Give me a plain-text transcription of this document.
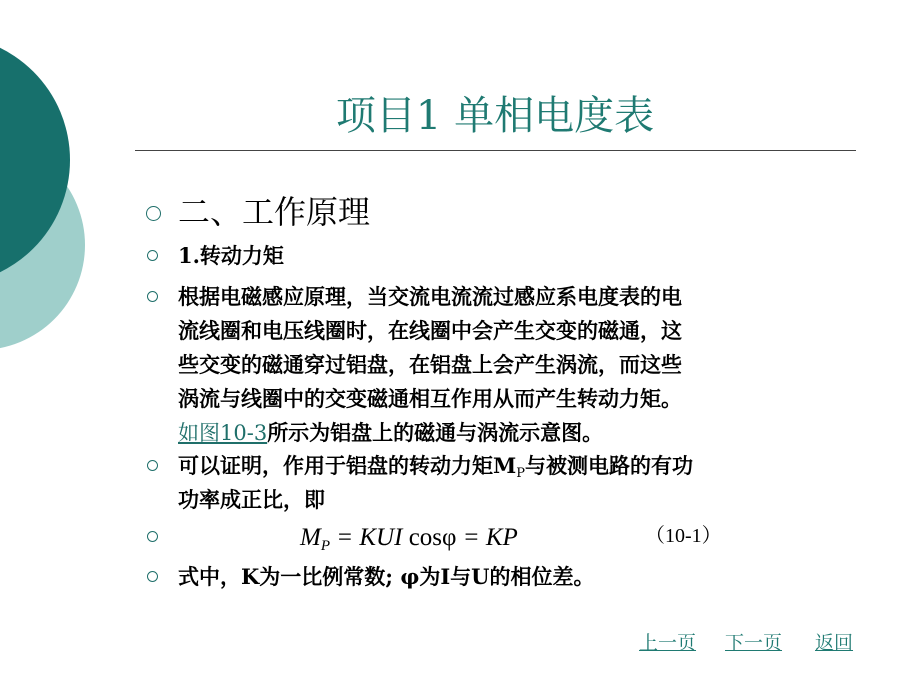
项目1 单相电度表
二、工作原理
1.转动力矩
根据电磁感应原理，当交流电流流过感应系电度表的电
流线圈和电压线圈时，在线圈中会产生交变的磁通，这
些交变的磁通穿过铝盘，在铝盘上会产生涡流，而这些
涡流与线圈中的交变磁通相互作用从而产生转动力矩。
如图10-3所示为铝盘上的磁通与涡流示意图。
可以证明，作用于铝盘的转动力矩$M_P$与被测电路的有功
功率成正比，即
$M_P$ = KUI cosφ = KP	（10-1）
式中，K为一比例常数; φ为I与U的相位差。
上一页 下一页 返回
